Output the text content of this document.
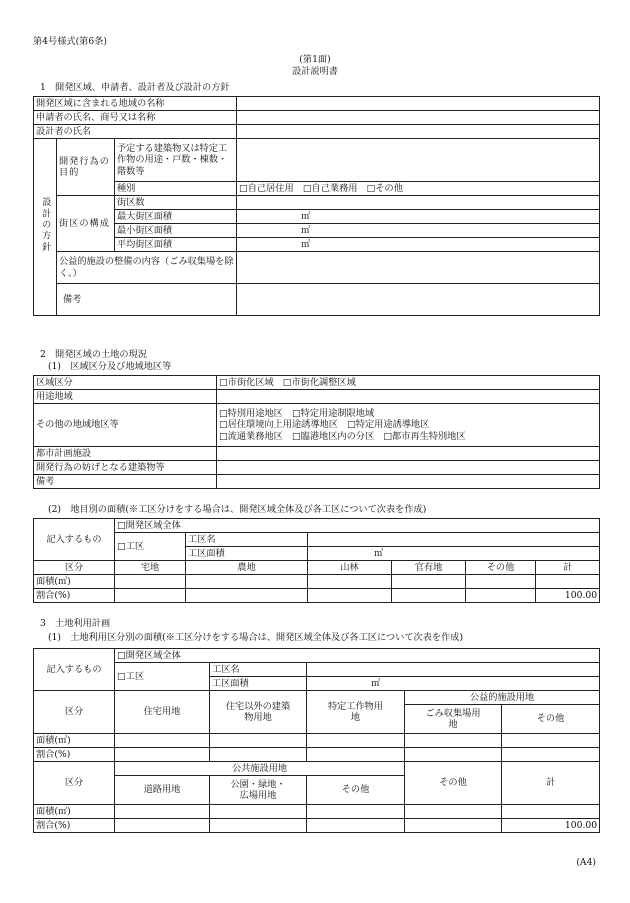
第4号様式(第6条)
(第1面)
設計説明書
1　開発区域、申請者、設計者及び設計の方針
開発区域に含まれる地域の名称			
申請者の氏名、商号又は名称			
設計者の氏名			
設計の方針	開発行為の目的	予定する建築物又は特定工作物の用途・戸数・棟数・階数等	
		種別	□自己居住用　□自己業務用　□その他
	街区の構成	街区数	
		最大街区面積	㎡
		最小街区面積	㎡
		平均街区面積	㎡
	公益的施設の整備の内容（ごみ収集場を除く。）		
	備考		
2　開発区域の土地の現況
(1)　区域区分及び地域地区等
区域区分	□市街化区域　□市街化調整区域
用途地域	
その他の地域地区等	□特別用途地区　□特定用途制限地域
□居住環境向上用途誘導地区　□特定用途誘導地区
□流通業務地区　□臨港地区内の分区　□都市再生特別地区

都市計画施設	
開発行為の妨げとなる建築物等	
備考	
(2)　地目別の面積(※工区分けをする場合は、開発区域全体及び各工区について次表を作成)
記入するもの	□開発区域全体					
	□工区	工区名				
		工区面積	㎡			
区分	宅地	農地	山林	官有地	その他	計
面積(㎡)						
割合(%)						100.00
3　土地利用計画
(1)　土地利用区分別の面積(※工区分けをする場合は、開発区域全体及び各工区について次表を作成)
記入するもの	□開発区域全体				
	□工区	工区名			
		工区面積	㎡		
区分	住宅用地	住宅以外の建築物用地	特定工作物用地	公益的施設用地	

				ごみ収集場用地	その他
面積(㎡)					
割合(%)					
区分	公共施設用地			その他	計
	道路用地	公園・緑地・広場用地	その他		
面積(㎡)					
割合(%)					100.00
(A4)
